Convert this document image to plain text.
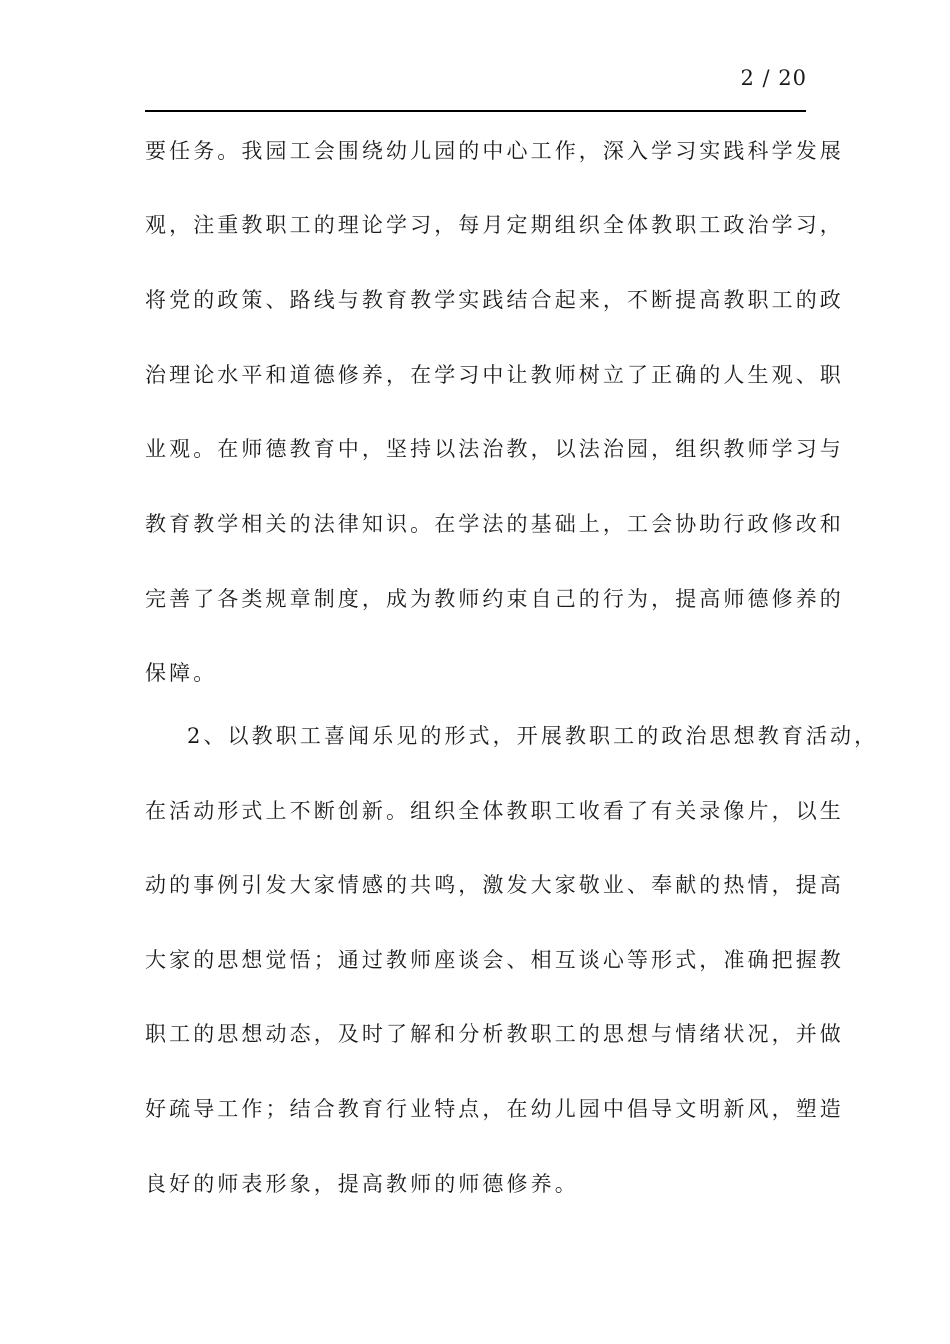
2 / 20
要任务。我园工会围绕幼儿园的中心工作，深入学习实践科学发展
观，注重教职工的理论学习，每月定期组织全体教职工政治学习，
将党的政策、路线与教育教学实践结合起来，不断提高教职工的政
治理论水平和道德修养，在学习中让教师树立了正确的人生观、职
业观。在师德教育中，坚持以法治教，以法治园，组织教师学习与
教育教学相关的法律知识。在学法的基础上，工会协助行政修改和
完善了各类规章制度，成为教师约束自己的行为，提高师德修养的
保障。
2、以教职工喜闻乐见的形式，开展教职工的政治思想教育活动，
在活动形式上不断创新。组织全体教职工收看了有关录像片，以生
动的事例引发大家情感的共鸣，激发大家敬业、奉献的热情，提高
大家的思想觉悟；通过教师座谈会、相互谈心等形式，准确把握教
职工的思想动态，及时了解和分析教职工的思想与情绪状况，并做
好疏导工作；结合教育行业特点，在幼儿园中倡导文明新风，塑造
良好的师表形象，提高教师的师德修养。
